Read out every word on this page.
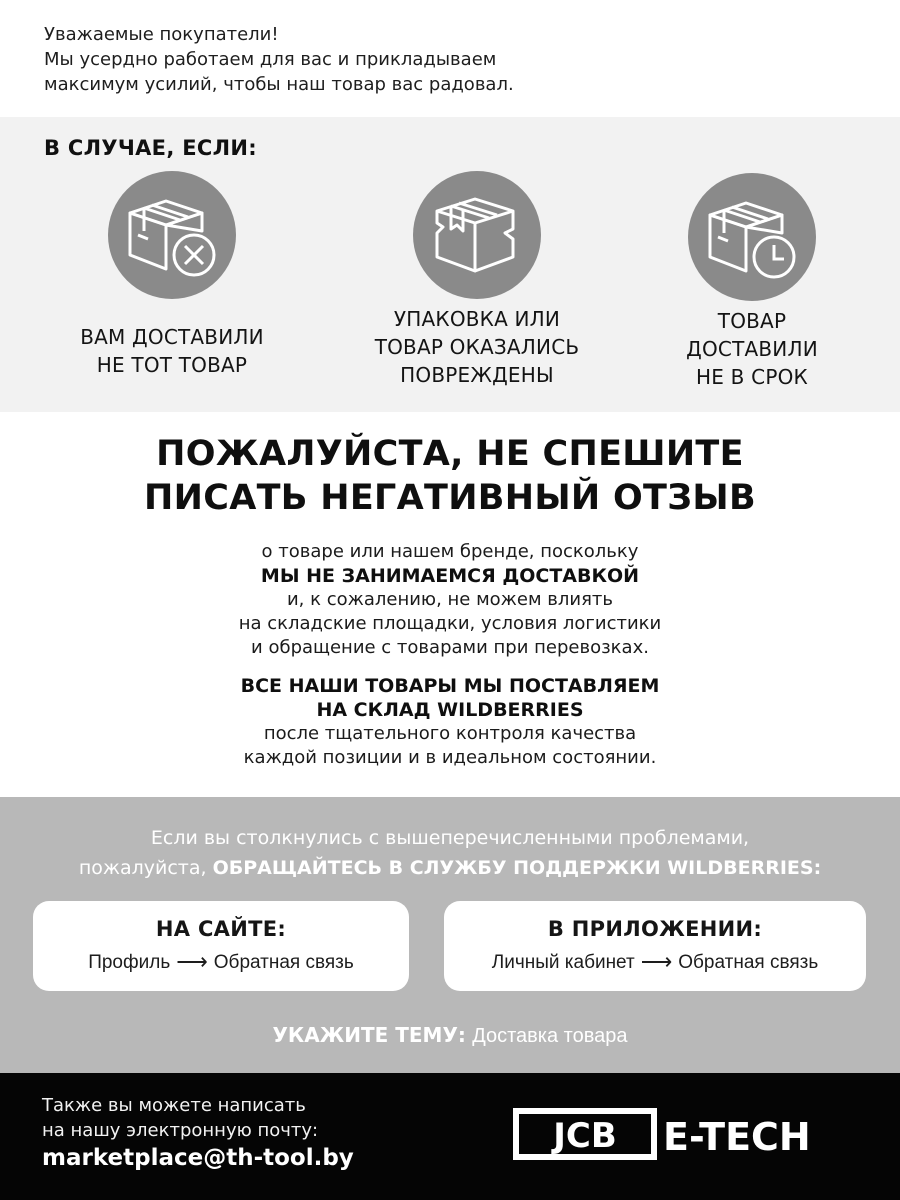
Уважаемые покупатели!

Мы усердно работаем для вас и прикладываем

максимум усилий, чтобы наш товар вас радовал.

В СЛУЧАЕ, ЕСЛИ:
ВАМ ДОСТАВИЛИ
НЕ ТОТ ТОВАР
УПАКОВКА ИЛИ
ТОВАР ОКАЗАЛИСЬ
ПОВРЕЖДЕНЫ
ТОВАР
ДОСТАВИЛИ
НЕ В СРОК
ПОЖАЛУЙСТА, НЕ СПЕШИТЕ
ПИСАТЬ НЕГАТИВНЫЙ ОТЗЫВ
о товаре или нашем бренде, поскольку
МЫ НЕ ЗАНИМАЕМСЯ ДОСТАВКОЙ
и, к сожалению, не можем влиять
на складские площадки, условия логистики
и обращение с товарами при перевозках.
ВСЕ НАШИ ТОВАРЫ МЫ ПОСТАВЛЯЕМ
НА СКЛАД WILDBERRIES
после тщательного контроля качества
каждой позиции и в идеальном состоянии.
Если вы столкнулись с вышеперечисленными проблемами,
пожалуйста, ОБРАЩАЙТЕСЬ В СЛУЖБУ ПОДДЕРЖКИ WILDBERRIES:
НА САЙТЕ:
Профиль ⟶ Обратная связь
В ПРИЛОЖЕНИИ:
Личный кабинет ⟶ Обратная связь
УКАЖИТЕ ТЕМУ: Доставка товара
Также вы можете написать
на нашу электронную почту:
marketplace@th-tool.by
JCB E-TECH
